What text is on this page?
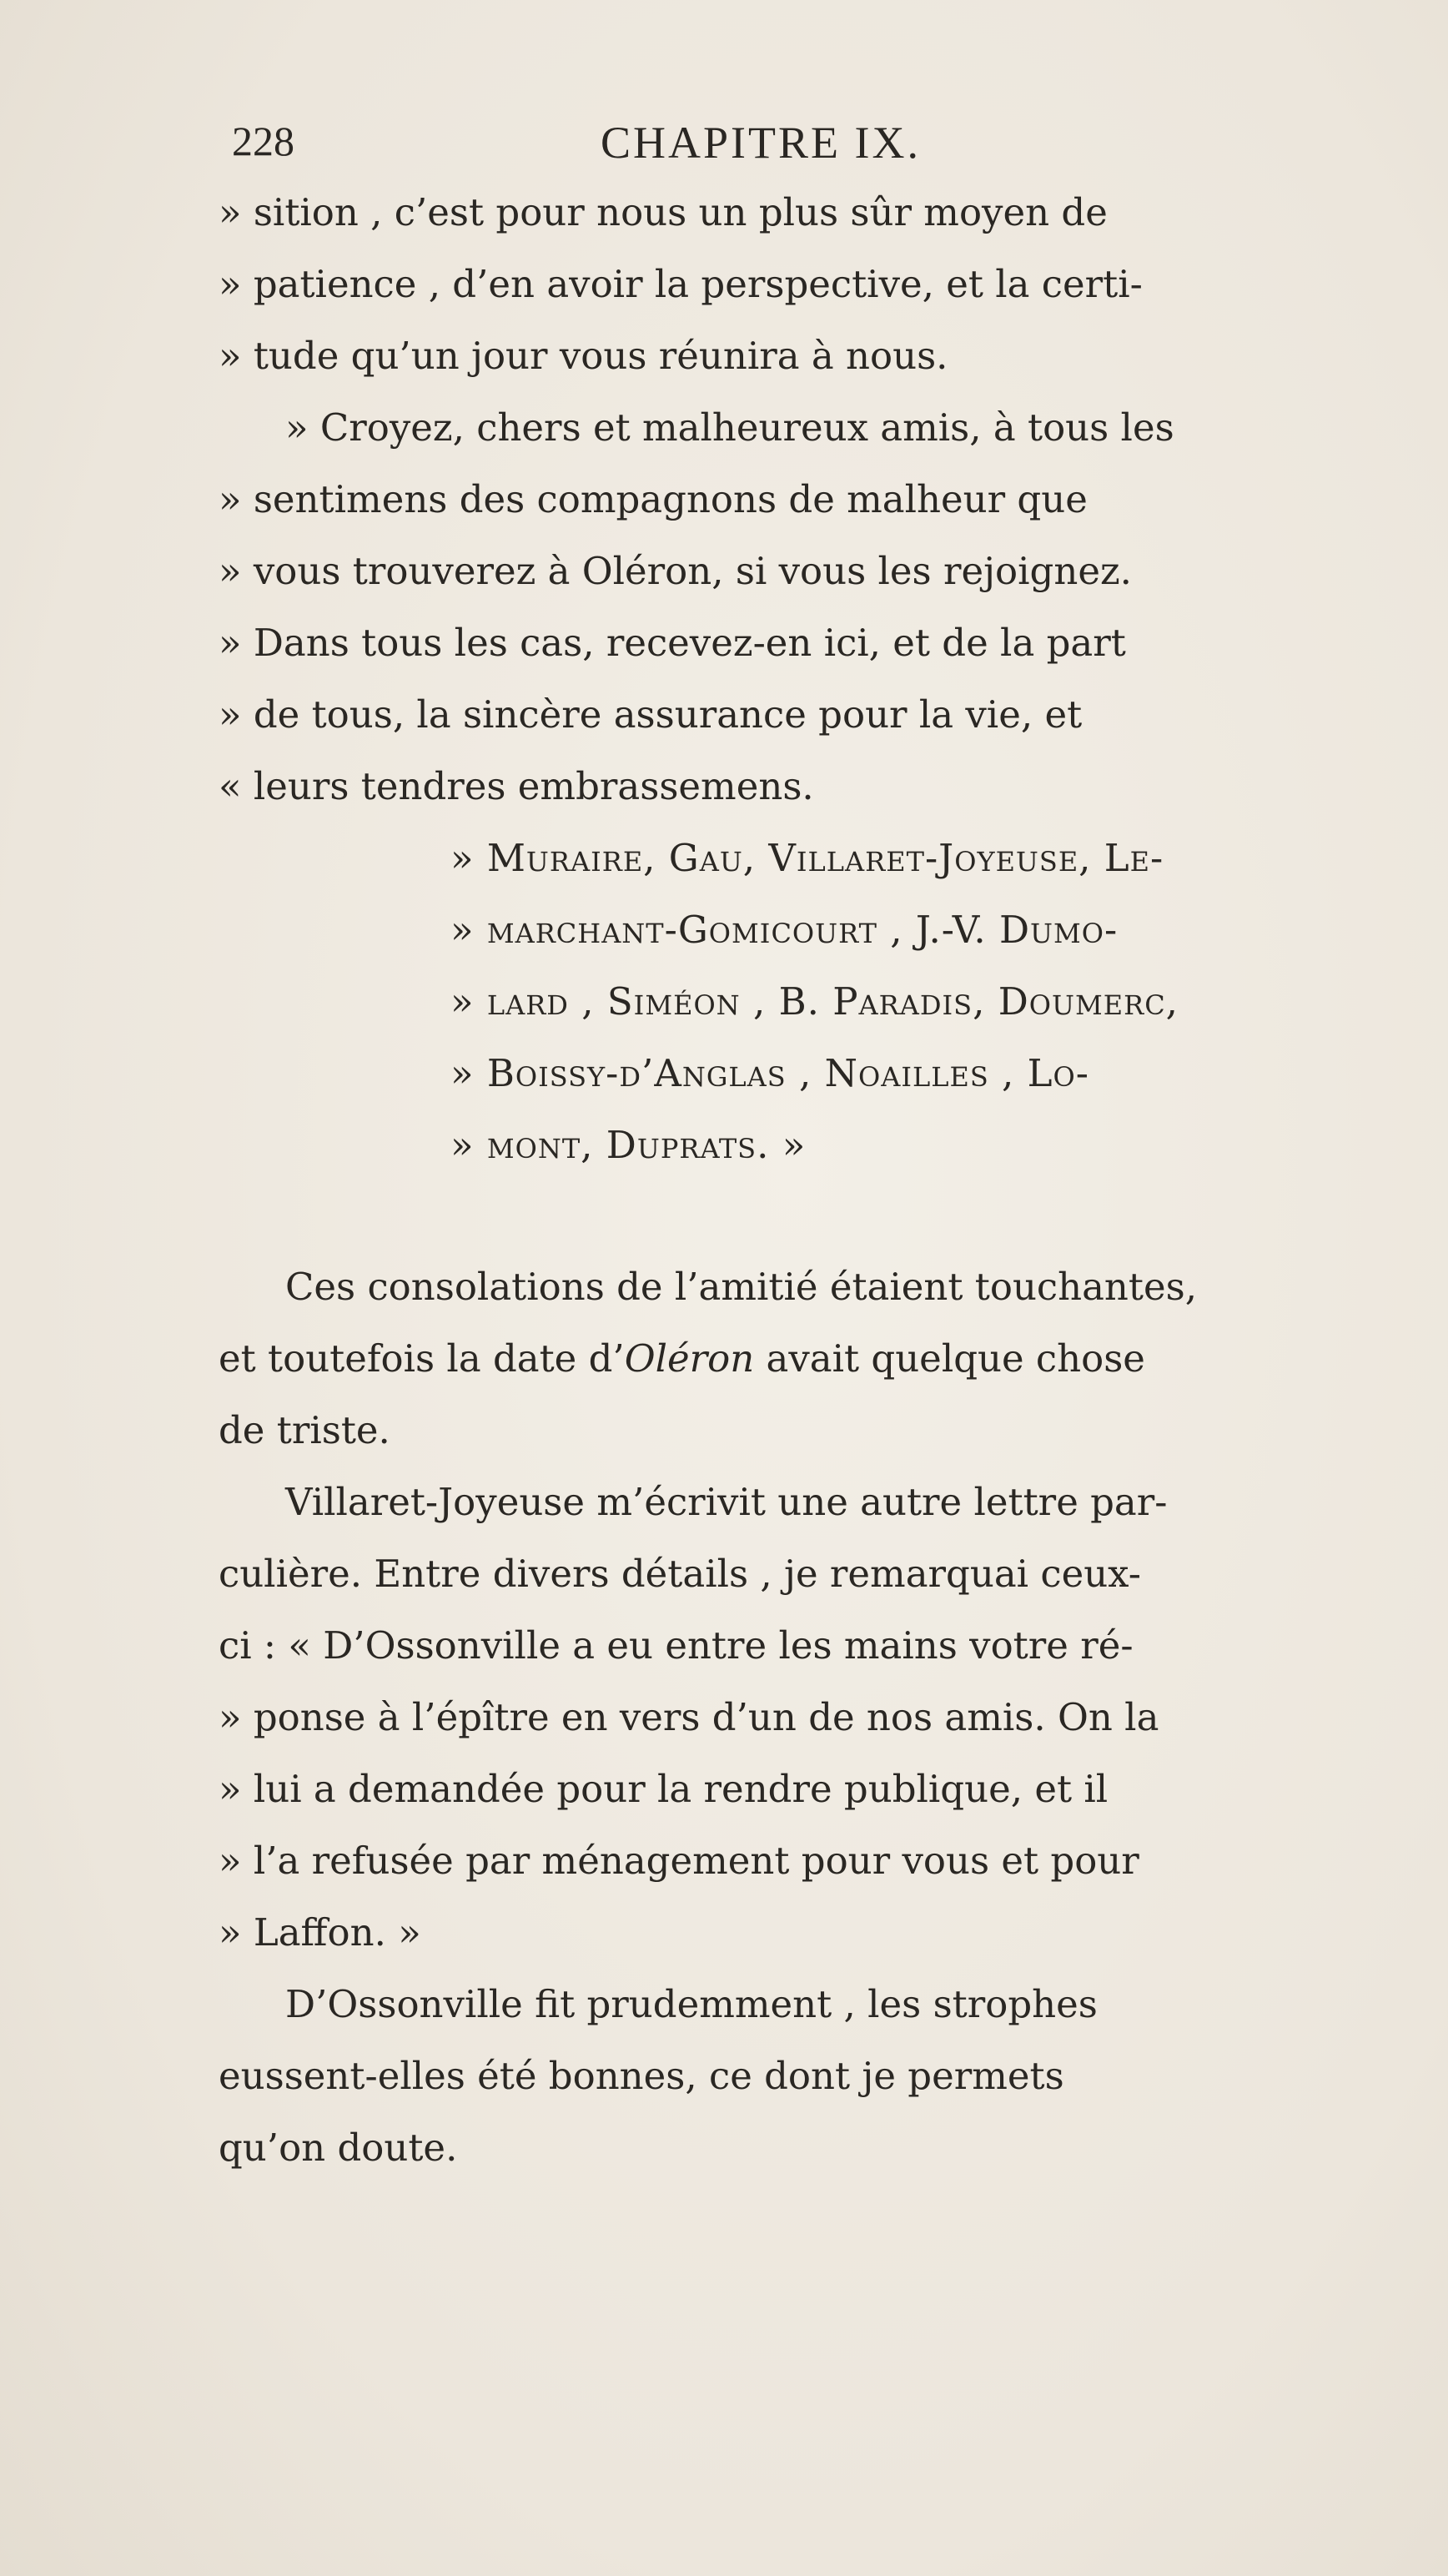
228	CHAPITRE IX.
» sition , c’est pour nous un plus sûr moyen de
» patience , d’en avoir la perspective, et la certi-
» tude qu’un jour vous réunira à nous.
» Croyez, chers et malheureux amis, à tous les
» sentimens des compagnons de malheur que
» vous trouverez à Oléron, si vous les rejoignez.
» Dans tous les cas, recevez-en ici, et de la part
» de tous, la sincère assurance pour la vie, et
« leurs tendres embrassemens.
» Muraire, Gau, Villaret-Joyeuse, Le-
» marchant-Gomicourt , J.-V. Dumo-
» lard , Siméon , B. Paradis, Doumerc,
» Boissy-d’Anglas , Noailles , Lo-
» mont, Duprats. »
Ces consolations de l’amitié étaient touchantes,
et toutefois la date d’Oléron avait quelque chose
de triste.
Villaret-Joyeuse m’écrivit une autre lettre par-
culière. Entre divers détails , je remarquai ceux-
ci : « D’Ossonville a eu entre les mains votre ré-
» ponse à l’épître en vers d’un de nos amis. On la
» lui a demandée pour la rendre publique, et il
» l’a refusée par ménagement pour vous et pour
» Laffon. »
D’Ossonville fit prudemment , les strophes
eussent-elles été bonnes, ce dont je permets
qu’on doute.
